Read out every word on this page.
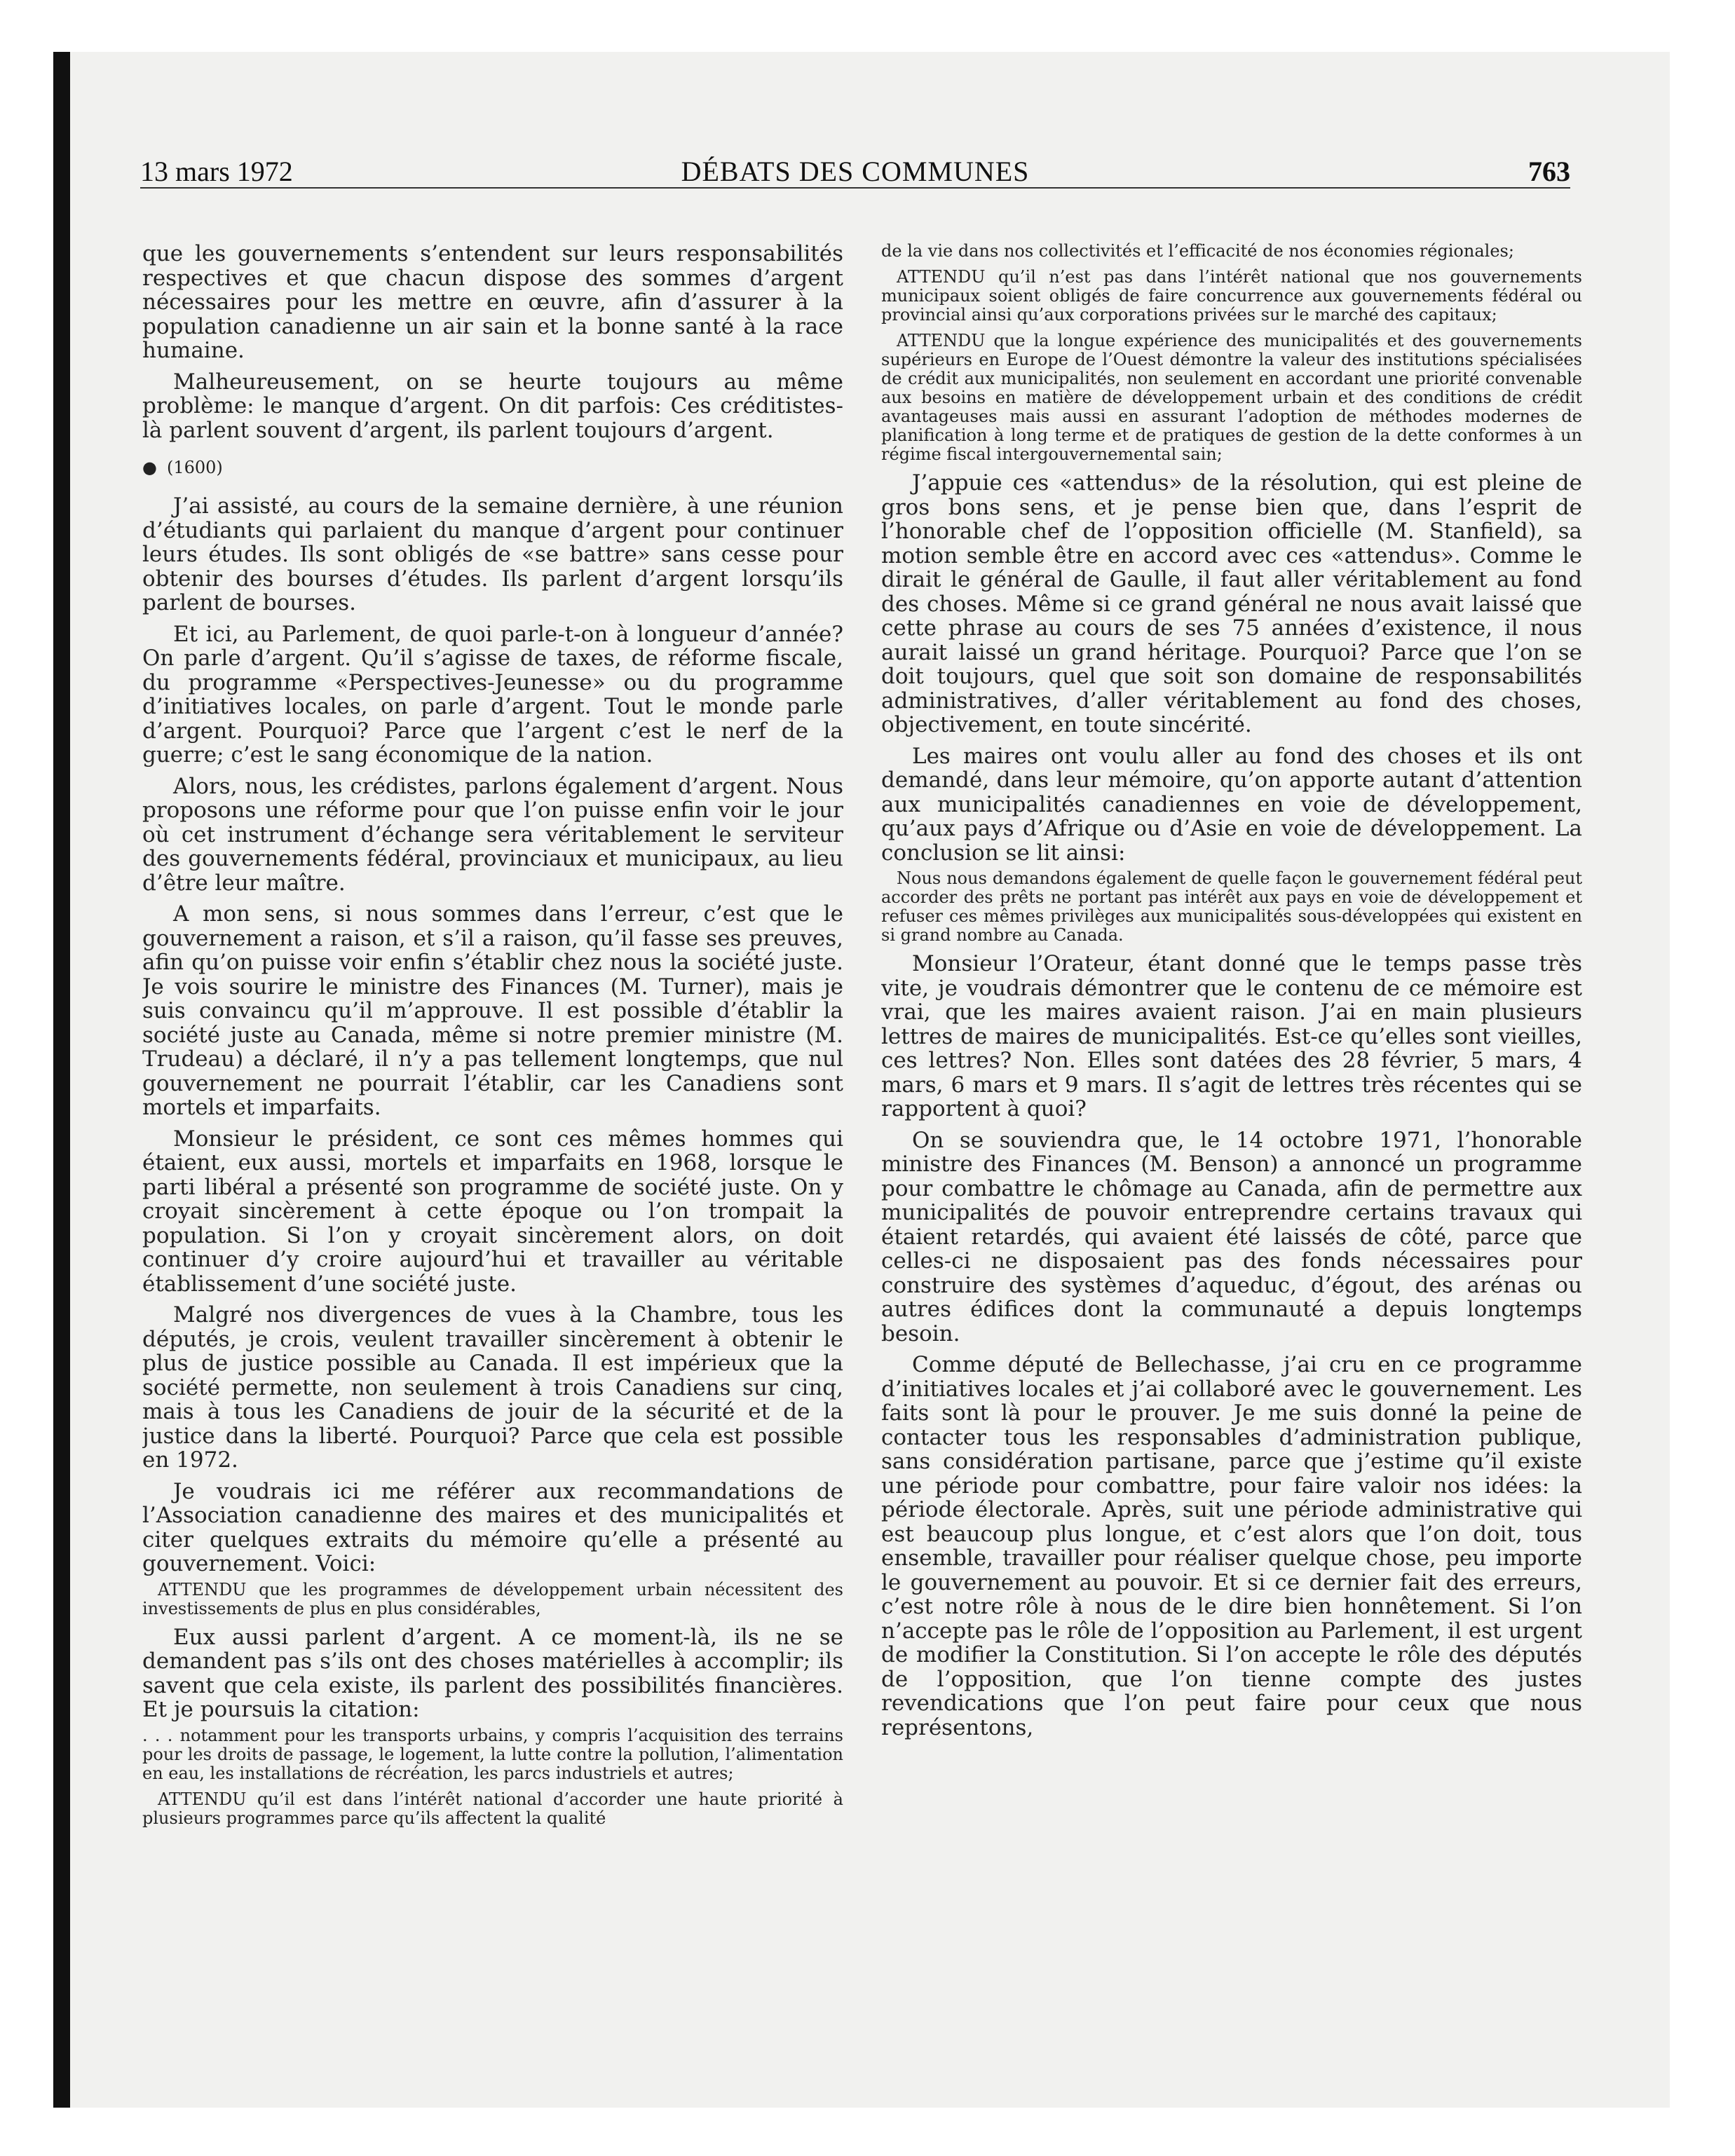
13 mars 1972	DÉBATS DES COMMUNES	763

que les gouvernements s’entendent sur leurs responsabilités respectives et que chacun dispose des sommes d’argent nécessaires pour les mettre en œuvre, afin d’assurer à la population canadienne un air sain et la bonne santé à la race humaine.

Malheureusement, on se heurte toujours au même problème: le manque d’argent. On dit parfois: Ces créditistes-là parlent souvent d’argent, ils parlent toujours d’argent.

● (1600)

J’ai assisté, au cours de la semaine dernière, à une réunion d’étudiants qui parlaient du manque d’argent pour continuer leurs études. Ils sont obligés de «se battre» sans cesse pour obtenir des bourses d’études. Ils parlent d’argent lorsqu’ils parlent de bourses.

Et ici, au Parlement, de quoi parle-t-on à longueur d’année? On parle d’argent. Qu’il s’agisse de taxes, de réforme fiscale, du programme «Perspectives-Jeunesse» ou du programme d’initiatives locales, on parle d’argent. Tout le monde parle d’argent. Pourquoi? Parce que l’argent c’est le nerf de la guerre; c’est le sang économique de la nation.

Alors, nous, les crédistes, parlons également d’argent. Nous proposons une réforme pour que l’on puisse enfin voir le jour où cet instrument d’échange sera véritablement le serviteur des gouvernements fédéral, provinciaux et municipaux, au lieu d’être leur maître.

A mon sens, si nous sommes dans l’erreur, c’est que le gouvernement a raison, et s’il a raison, qu’il fasse ses preuves, afin qu’on puisse voir enfin s’établir chez nous la société juste. Je vois sourire le ministre des Finances (M. Turner), mais je suis convaincu qu’il m’approuve. Il est possible d’établir la société juste au Canada, même si notre premier ministre (M. Trudeau) a déclaré, il n’y a pas tellement longtemps, que nul gouvernement ne pourrait l’établir, car les Canadiens sont mortels et imparfaits.

Monsieur le président, ce sont ces mêmes hommes qui étaient, eux aussi, mortels et imparfaits en 1968, lorsque le parti libéral a présenté son programme de société juste. On y croyait sincèrement à cette époque ou l’on trompait la population. Si l’on y croyait sincèrement alors, on doit continuer d’y croire aujourd’hui et travailler au véritable établissement d’une société juste.

Malgré nos divergences de vues à la Chambre, tous les députés, je crois, veulent travailler sincèrement à obtenir le plus de justice possible au Canada. Il est impérieux que la société permette, non seulement à trois Canadiens sur cinq, mais à tous les Canadiens de jouir de la sécurité et de la justice dans la liberté. Pourquoi? Parce que cela est possible en 1972.

Je voudrais ici me référer aux recommandations de l’Association canadienne des maires et des municipalités et citer quelques extraits du mémoire qu’elle a présenté au gouvernement. Voici:

ATTENDU que les programmes de développement urbain nécessitent des investissements de plus en plus considérables,

Eux aussi parlent d’argent. A ce moment-là, ils ne se demandent pas s’ils ont des choses matérielles à accomplir; ils savent que cela existe, ils parlent des possibilités financières. Et je poursuis la citation:

. . . notamment pour les transports urbains, y compris l’acquisition des terrains pour les droits de passage, le logement, la lutte contre la pollution, l’alimentation en eau, les installations de récréation, les parcs industriels et autres;
ATTENDU qu’il est dans l’intérêt national d’accorder une haute priorité à plusieurs programmes parce qu’ils affectent la qualité
de la vie dans nos collectivités et l’efficacité de nos économies régionales;
ATTENDU qu’il n’est pas dans l’intérêt national que nos gouvernements municipaux soient obligés de faire concurrence aux gouvernements fédéral ou provincial ainsi qu’aux corporations privées sur le marché des capitaux;
ATTENDU que la longue expérience des municipalités et des gouvernements supérieurs en Europe de l’Ouest démontre la valeur des institutions spécialisées de crédit aux municipalités, non seulement en accordant une priorité convenable aux besoins en matière de développement urbain et des conditions de crédit avantageuses mais aussi en assurant l’adoption de méthodes modernes de planification à long terme et de pratiques de gestion de la dette conformes à un régime fiscal intergouvernemental sain;

J’appuie ces «attendus» de la résolution, qui est pleine de gros bons sens, et je pense bien que, dans l’esprit de l’honorable chef de l’opposition officielle (M. Stanfield), sa motion semble être en accord avec ces «attendus». Comme le dirait le général de Gaulle, il faut aller véritablement au fond des choses. Même si ce grand général ne nous avait laissé que cette phrase au cours de ses 75 années d’existence, il nous aurait laissé un grand héritage. Pourquoi? Parce que l’on se doit toujours, quel que soit son domaine de responsabilités administratives, d’aller véritablement au fond des choses, objectivement, en toute sincérité.

Les maires ont voulu aller au fond des choses et ils ont demandé, dans leur mémoire, qu’on apporte autant d’attention aux municipalités canadiennes en voie de développement, qu’aux pays d’Afrique ou d’Asie en voie de développement. La conclusion se lit ainsi:

Nous nous demandons également de quelle façon le gouvernement fédéral peut accorder des prêts ne portant pas intérêt aux pays en voie de développement et refuser ces mêmes privilèges aux municipalités sous-développées qui existent en si grand nombre au Canada.

Monsieur l’Orateur, étant donné que le temps passe très vite, je voudrais démontrer que le contenu de ce mémoire est vrai, que les maires avaient raison. J’ai en main plusieurs lettres de maires de municipalités. Est-ce qu’elles sont vieilles, ces lettres? Non. Elles sont datées des 28 février, 5 mars, 4 mars, 6 mars et 9 mars. Il s’agit de lettres très récentes qui se rapportent à quoi?

On se souviendra que, le 14 octobre 1971, l’honorable ministre des Finances (M. Benson) a annoncé un programme pour combattre le chômage au Canada, afin de permettre aux municipalités de pouvoir entreprendre certains travaux qui étaient retardés, qui avaient été laissés de côté, parce que celles-ci ne disposaient pas des fonds nécessaires pour construire des systèmes d’aqueduc, d’égout, des arénas ou autres édifices dont la communauté a depuis longtemps besoin.

Comme député de Bellechasse, j’ai cru en ce programme d’initiatives locales et j’ai collaboré avec le gouvernement. Les faits sont là pour le prouver. Je me suis donné la peine de contacter tous les responsables d’administration publique, sans considération partisane, parce que j’estime qu’il existe une période pour combattre, pour faire valoir nos idées: la période électorale. Après, suit une période administrative qui est beaucoup plus longue, et c’est alors que l’on doit, tous ensemble, travailler pour réaliser quelque chose, peu importe le gouvernement au pouvoir. Et si ce dernier fait des erreurs, c’est notre rôle à nous de le dire bien honnêtement. Si l’on n’accepte pas le rôle de l’opposition au Parlement, il est urgent de modifier la Constitution. Si l’on accepte le rôle des députés de l’opposition, que l’on tienne compte des justes revendications que l’on peut faire pour ceux que nous représentons,
